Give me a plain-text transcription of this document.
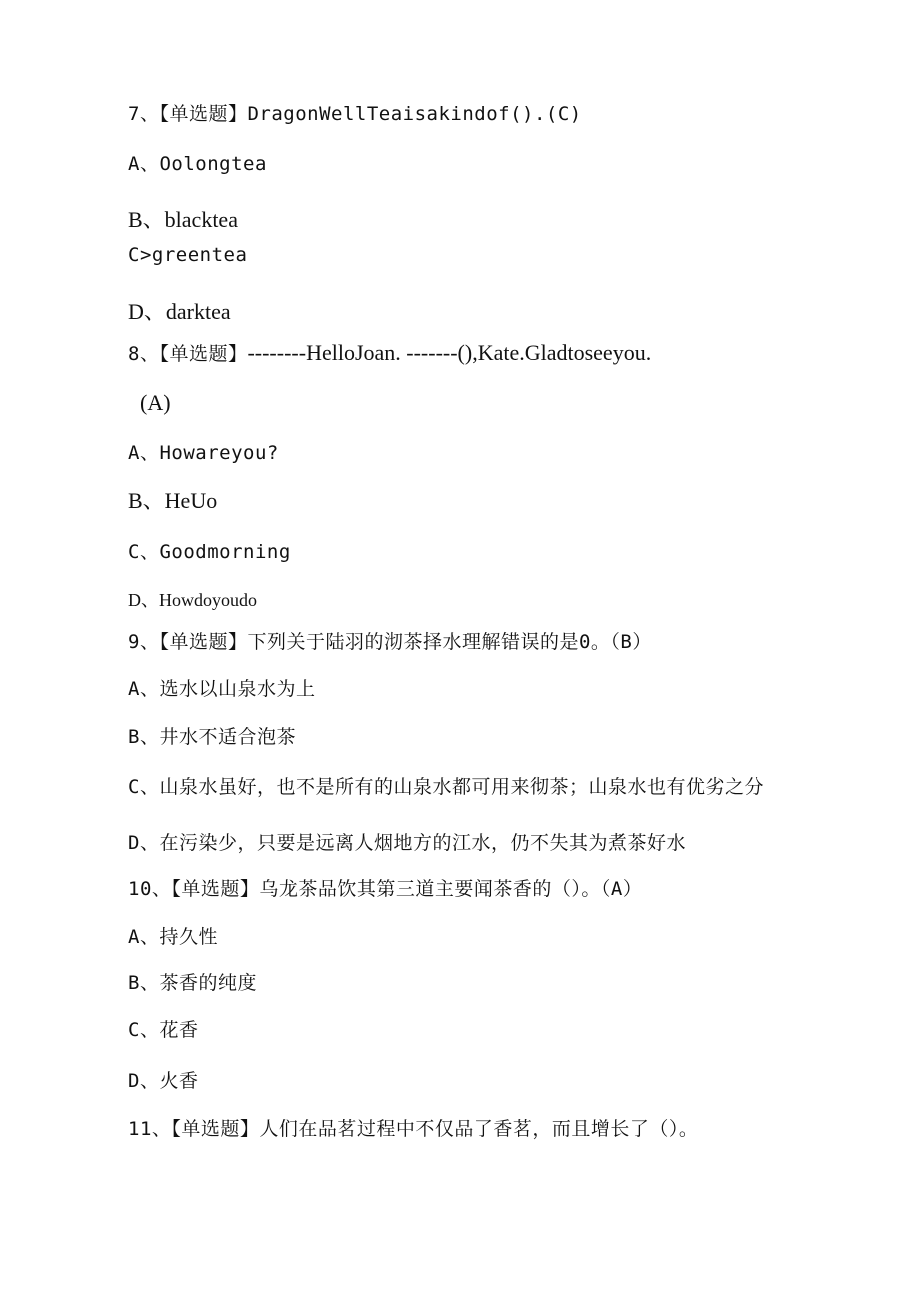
7、【单选题】DragonWellTeaisakindof().(C)
A、Oolongtea
B、blacktea
C>greentea
D、darktea
8、【单选题】--------HelloJoan. -------(),Kate.Gladtoseeyou.
(A)
A、Howareyou?
B、HeUo
C、Goodmorning
D、Howdoyoudo
9、【单选题】下列关于陆羽的沏茶择水理解错误的是0。（B）
A、选水以山泉水为上
B、井水不适合泡茶
C、山泉水虽好，也不是所有的山泉水都可用来彻茶；山泉水也有优劣之分
D、在污染少，只要是远离人烟地方的江水，仍不失其为煮茶好水
10、【单选题】乌龙茶品饮其第三道主要闻茶香的（）。（A）
A、持久性
B、茶香的纯度
C、花香
D、火香
11、【单选题】人们在品茗过程中不仅品了香茗，而且增长了（）。
